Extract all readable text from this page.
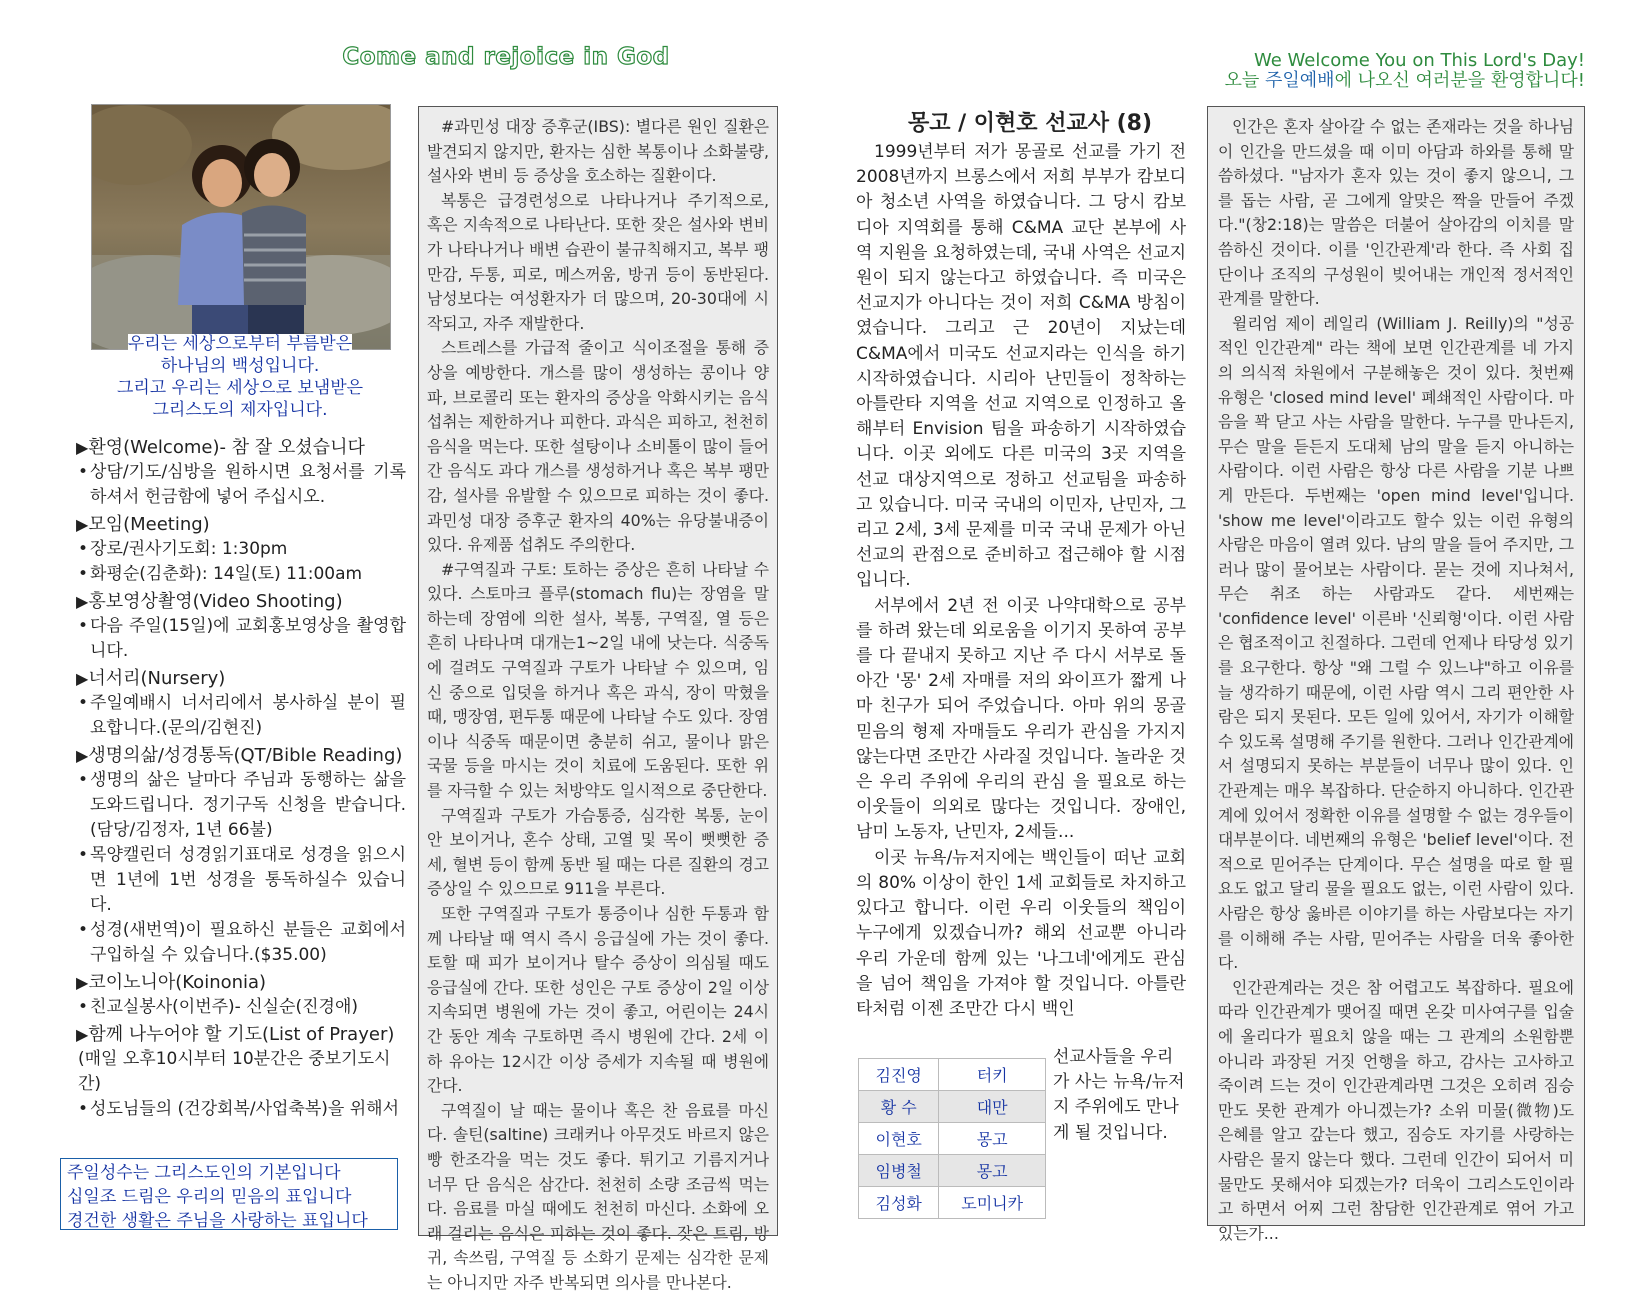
Come and rejoice in God	We Welcome You on This Lord's Day!
오늘 주일예배에 나오신 여러분을 환영합니다!
우리는 세상으로부터 부름받은
하나님의 백성입니다.
그리고 우리는 세상으로 보냄받은
그리스도의 제자입니다.
▶ 환영(Welcome)- 참 잘 오셨습니다
• 상담/기도/심방을 원하시면 요청서를 기록하셔서 헌금함에 넣어 주십시오.
▶ 모임(Meeting)
• 장로/권사기도회: 1:30pm
• 화평순(김춘화): 14일(토) 11:00am
▶ 홍보영상촬영(Video Shooting)
• 다음 주일(15일)에 교회홍보영상을 촬영합니다.
▶ 너서리(Nursery)
• 주일예배시 너서리에서 봉사하실 분이 필요합니다.(문의/김현진)
▶ 생명의삶/성경통독(QT/Bible Reading)
• 생명의 삶은 날마다 주님과 동행하는 삶을 도와드립니다. 정기구독 신청을 받습니다.(담당/김정자, 1년 66불)
• 목양캘린더 성경읽기표대로 성경을 읽으시면 1년에 1번 성경을 통독하실수 있습니다.
• 성경(새번역)이 필요하신 분들은 교회에서 구입하실 수 있습니다.($35.00)
▶ 코이노니아(Koinonia)
• 친교실봉사(이번주)- 신실순(진경애)
▶ 함께 나누어야 할 기도(List of Prayer)
(매일 오후10시부터 10분간은 중보기도시간)
• 성도님들의 (건강회복/사업축복)을 위해서
주일성수는 그리스도인의 기본입니다
십일조 드림은 우리의 믿음의 표입니다
경건한 생활은 주님을 사랑하는 표입니다

#과민성 대장 증후군(IBS): 별다른 원인 질환은 발견되지 않지만, 환자는 심한 복통이나 소화불량, 설사와 변비 등 증상을 호소하는 질환이다.

복통은 급경련성으로 나타나거나 주기적으로, 혹은 지속적으로 나타난다. 또한 잦은 설사와 변비가 나타나거나 배변 습관이 불규칙해지고, 복부 팽만감, 두통, 피로, 메스꺼움, 방귀 등이 동반된다. 남성보다는 여성환자가 더 많으며, 20-30대에 시작되고, 자주 재발한다.

스트레스를 가급적 줄이고 식이조절을 통해 증상을 예방한다. 개스를 많이 생성하는 콩이나 양파, 브로콜리 또는 환자의 증상을 악화시키는 음식 섭취는 제한하거나 피한다. 과식은 피하고, 천천히 음식을 먹는다. 또한 설탕이나 소비톨이 많이 들어간 음식도 과다 개스를 생성하거나 혹은 복부 팽만감, 설사를 유발할 수 있으므로 피하는 것이 좋다. 과민성 대장 증후군 환자의 40%는 유당불내증이 있다. 유제품 섭취도 주의한다.

#구역질과 구토: 토하는 증상은 흔히 나타날 수 있다. 스토마크 플루(stomach flu)는 장염을 말하는데 장염에 의한 설사, 복통, 구역질, 열 등은 흔히 나타나며 대개는1~2일 내에 낫는다. 식중독에 걸려도 구역질과 구토가 나타날 수 있으며, 임신 중으로 입덧을 하거나 혹은 과식, 장이 막혔을 때, 맹장염, 편두통 때문에 나타날 수도 있다. 장염이나 식중독 때문이면 충분히 쉬고, 물이나 맑은 국물 등을 마시는 것이 치료에 도움된다. 또한 위를 자극할 수 있는 처방약도 일시적으로 중단한다.

구역질과 구토가 가슴통증, 심각한 복통, 눈이 안 보이거나, 혼수 상태, 고열 및 목이 뻣뻣한 증세, 혈변 등이 함께 동반 될 때는 다른 질환의 경고 증상일 수 있으므로 911을 부른다.

또한 구역질과 구토가 통증이나 심한 두통과 함께 나타날 때 역시 즉시 응급실에 가는 것이 좋다. 토할 때 피가 보이거나 탈수 증상이 의심될 때도 응급실에 간다. 또한 성인은 구토 증상이 2일 이상 지속되면 병원에 가는 것이 좋고, 어린이는 24시간 동안 계속 구토하면 즉시 병원에 간다. 2세 이하 유아는 12시간 이상 증세가 지속될 때 병원에 간다.

구역질이 날 때는 물이나 혹은 찬 음료를 마신다. 솔틴(saltine) 크래커나 아무것도 바르지 않은 빵 한조각을 먹는 것도 좋다. 튀기고 기름지거나 너무 단 음식은 삼간다. 천천히 소량 조금씩 먹는다. 음료를 마실 때에도 천천히 마신다. 소화에 오래 걸리는 음식은 피하는 것이 좋다. 잦은 트림, 방귀, 속쓰림, 구역질 등 소화기 문제는 심각한 문제는 아니지만 자주 반복되면 의사를 만나본다.

몽고 / 이현호 선교사 (8)

1999년부터 저가 몽골로 선교를 가기 전 2008년까지 브롱스에서 저희 부부가 캄보디아 청소년 사역을 하였습니다. 그 당시 캄보디아 지역회를 통해 C&MA 교단 본부에 사역 지원을 요청하였는데, 국내 사역은 선교지원이 되지 않는다고 하였습니다. 즉 미국은 선교지가 아니다는 것이 저희 C&MA 방침이였습니다. 그리고 근 20년이 지났는데 C&MA에서 미국도 선교지라는 인식을 하기 시작하였습니다. 시리아 난민들이 정착하는 아틀란타 지역을 선교 지역으로 인정하고 올해부터 Envision 팀을 파송하기 시작하였습니다. 이곳 외에도 다른 미국의 3곳 지역을 선교 대상지역으로 정하고 선교팀을 파송하고 있습니다. 미국 국내의 이민자, 난민자, 그리고 2세, 3세 문제를 미국 국내 문제가 아닌 선교의 관점으로 준비하고 접근해야 할 시점입니다.

서부에서 2년 전 이곳 나약대학으로 공부를 하려 왔는데 외로움을 이기지 못하여 공부를 다 끝내지 못하고 지난 주 다시 서부로 돌아간 '몽' 2세 자매를 저의 와이프가 짧게 나마 친구가 되어 주었습니다. 아마 위의 몽골 믿음의 형제 자매들도 우리가 관심을 가지지 않는다면 조만간 사라질 것입니다. 놀라운 것은 우리 주위에 우리의 관심 을 필요로 하는 이웃들이 의외로 많다는 것입니다. 장애인, 남미 노동자, 난민자, 2세들...

이곳 뉴욕/뉴저지에는 백인들이 떠난 교회의 80% 이상이 한인 1세 교회들로 차지하고 있다고 합니다. 이런 우리 이웃들의 책임이 누구에게 있겠습니까? 해외 선교뿐 아니라 우리 가운데 함께 있는 '나그네'에게도 관심을 넘어 책임을 가져야 할 것입니다. 아틀란타처럼 이젠 조만간 다시 백인

김진영	터키
황 수	대만
이현호	몽고
임병철	몽고
김성화	도미니카
선교사들을 우리가 사는 뉴욕/뉴저지 주위에도 만나게 될 것입니다.

인간은 혼자 살아갈 수 없는 존재라는 것을 하나님이 인간을 만드셨을 때 이미 아담과 하와를 통해 말씀하셨다. "남자가 혼자 있는 것이 좋지 않으니, 그를 돕는 사람, 곧 그에게 알맞은 짝을 만들어 주겠다."(창2:18)는 말씀은 더불어 살아감의 이치를 말씀하신 것이다. 이를 '인간관계'라 한다. 즉 사회 집단이나 조직의 구성원이 빚어내는 개인적 정서적인 관계를 말한다.

윌리엄 제이 레일리 (William J. Reilly)의 "성공적인 인간관계" 라는 책에 보면 인간관계를 네 가지의 의식적 차원에서 구분해놓은 것이 있다. 첫번째 유형은 'closed mind level' 폐쇄적인 사람이다. 마음을 꽉 닫고 사는 사람을 말한다. 누구를 만나든지, 무슨 말을 듣든지 도대체 남의 말을 듣지 아니하는 사람이다. 이런 사람은 항상 다른 사람을 기분 나쁘게 만든다. 두번째는 'open mind level'입니다. 'show me level'이라고도 할수 있는 이런 유형의 사람은 마음이 열려 있다. 남의 말을 들어 주지만, 그러나 많이 물어보는 사람이다. 묻는 것에 지나쳐서, 무슨 취조 하는 사람과도 같다. 세번째는 'confidence level' 이른바 '신뢰형'이다. 이런 사람은 협조적이고 친절하다. 그런데 언제나 타당성 있기를 요구한다. 항상 "왜 그럴 수 있느냐"하고 이유를 늘 생각하기 때문에, 이런 사람 역시 그리 편안한 사람은 되지 못된다. 모든 일에 있어서, 자기가 이해할 수 있도록 설명해 주기를 원한다. 그러나 인간관계에서 설명되지 못하는 부분들이 너무나 많이 있다. 인간관계는 매우 복잡하다. 단순하지 아니하다. 인간관계에 있어서 정확한 이유를 설명할 수 없는 경우들이 대부분이다. 네번째의 유형은 'belief level'이다. 전적으로 믿어주는 단계이다. 무슨 설명을 따로 할 필요도 없고 달리 물을 필요도 없는, 이런 사람이 있다. 사람은 항상 옳바른 이야기를 하는 사람보다는 자기를 이해해 주는 사람, 믿어주는 사람을 더욱 좋아한다.

인간관계라는 것은 참 어렵고도 복잡하다. 필요에 따라 인간관계가 맺어질 때면 온갖 미사여구를 입술에 올리다가 필요치 않을 때는 그 관계의 소원함뿐 아니라 과장된 거짓 언행을 하고, 감사는 고사하고 죽이려 드는 것이 인간관계라면 그것은 오히려 짐승만도 못한 관계가 아니겠는가? 소위 미물(微物)도 은혜를 알고 갚는다 했고, 짐승도 자기를 사랑하는 사람은 물지 않는다 했다. 그런데 인간이 되어서 미물만도 못해서야 되겠는가? 더욱이 그리스도인이라고 하면서 어찌 그런 참담한 인간관계로 엮어 가고 있는가...
